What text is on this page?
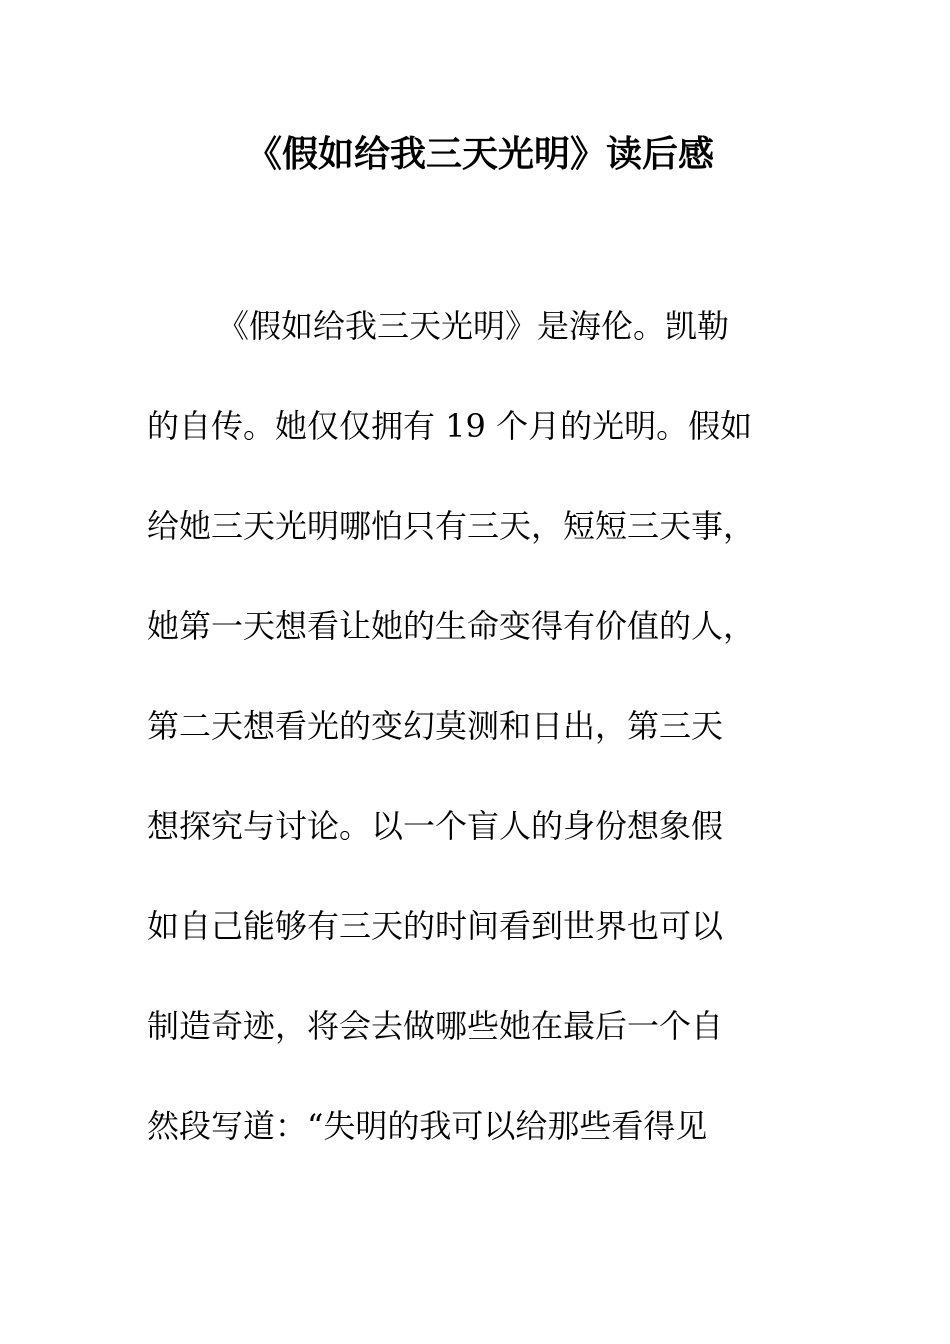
《假如给我三天光明》读后感
《假如给我三天光明》是海伦。凯勒
的自传。她仅仅拥有 19 个月的光明。假如
给她三天光明哪怕只有三天，短短三天事，
她第一天想看让她的生命变得有价值的人，
第二天想看光的变幻莫测和日出，第三天
想探究与讨论。以一个盲人的身份想象假
如自己能够有三天的时间看到世界也可以
制造奇迹，将会去做哪些她在最后一个自
然段写道：“失明的我可以给那些看得见
